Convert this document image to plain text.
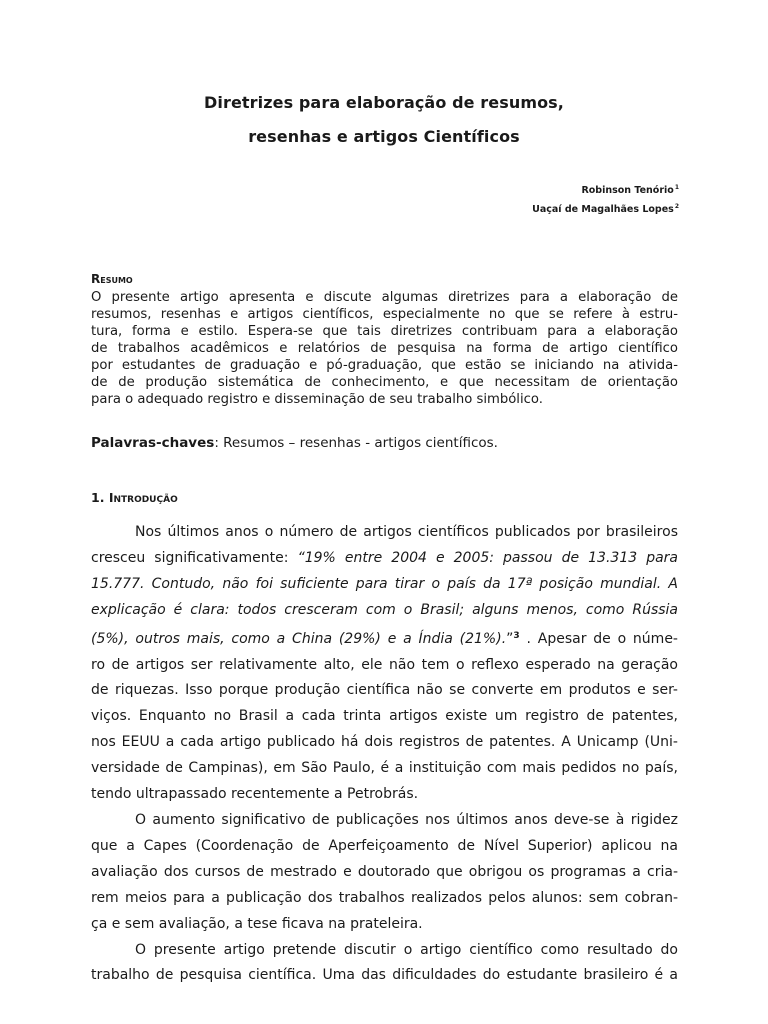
Diretrizes para elaboração de resumos,
resenhas e artigos Científicos
Robinson Tenório$^1$
Uaçaí de Magalhães Lopes$^2$
Resumo
O presente artigo apresenta e discute algumas diretrizes para a elaboração de
resumos, resenhas e artigos científicos, especialmente no que se refere à estru-
tura, forma e estilo. Espera-se que tais diretrizes contribuam para a elaboração
de trabalhos acadêmicos e relatórios de pesquisa na forma de artigo científico
por estudantes de graduação e pó-graduação, que estão se iniciando na ativida-
de de produção sistemática de conhecimento, e que necessitam de orientação
para o adequado registro e disseminação de seu trabalho simbólico.
Palavras-chaves: Resumos – resenhas - artigos científicos.
1. Introdução
Nos últimos anos o número de artigos científicos publicados por brasileiros
cresceu significativamente: “19% entre 2004 e 2005: passou de 13.313 para
15.777. Contudo, não foi suficiente para tirar o país da 17ª posição mundial. A
explicação é clara: todos cresceram com o Brasil; alguns menos, como Rússia
(5%), outros mais, como a China (29%) e a Índia (21%).”$^3$ . Apesar de o núme-
ro de artigos ser relativamente alto, ele não tem o reflexo esperado na geração
de riquezas. Isso porque produção científica não se converte em produtos e ser-
viços. Enquanto no Brasil a cada trinta artigos existe um registro de patentes,
nos EEUU a cada artigo publicado há dois registros de patentes. A Unicamp (Uni-
versidade de Campinas), em São Paulo, é a instituição com mais pedidos no país,
tendo ultrapassado recentemente a Petrobrás.
O aumento significativo de publicações nos últimos anos deve-se à rigidez
que a Capes (Coordenação de Aperfeiçoamento de Nível Superior) aplicou na
avaliação dos cursos de mestrado e doutorado que obrigou os programas a cria-
rem meios para a publicação dos trabalhos realizados pelos alunos: sem cobran-
ça e sem avaliação, a tese ficava na prateleira.
O presente artigo pretende discutir o artigo científico como resultado do
trabalho de pesquisa científica. Uma das dificuldades do estudante brasileiro é a
